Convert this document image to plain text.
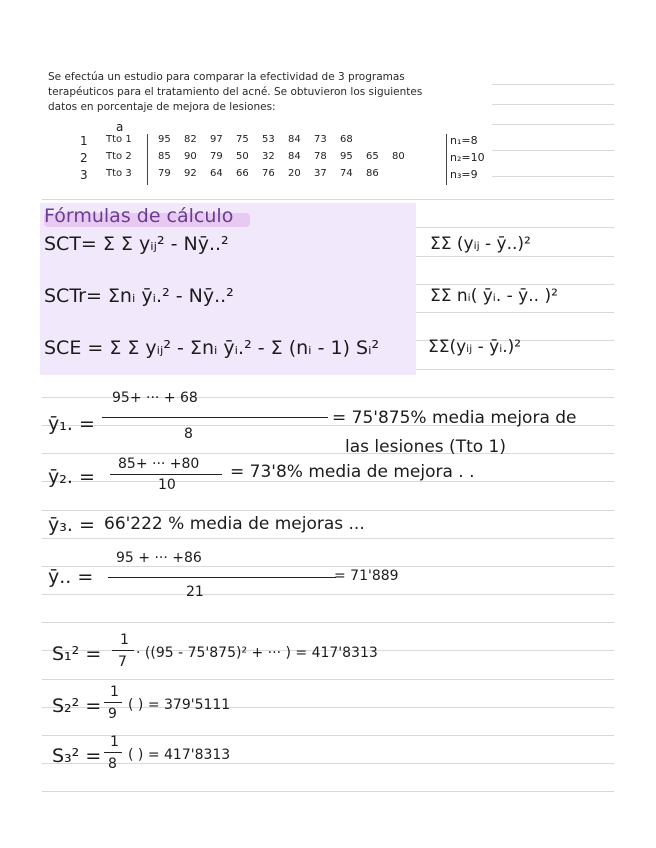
Se efectúa un estudio para comparar la efectividad de 3 programas
terapéuticos para el tratamiento del acné. Se obtuvieron los siguientes
datos en porcentaje de mejora de lesiones:
a
1 Tto 1	95 82 97 75 53 84 73 68	n₁=8
2 Tto 2	85 90 79 50 32 84 78 95 65 80	n₂=10
3 Tto 3	79 92 64 66 76 20 37 74 86	n₃=9
Fórmulas de cálculo
SCT= Σ Σ yᵢⱼ² - Nȳ..²	ΣΣ (yᵢⱼ - ȳ..)²
SCTr= Σnᵢ ȳᵢ.² - Nȳ..²	ΣΣ nᵢ( ȳᵢ. - ȳ.. )²
SCE = Σ Σ yᵢⱼ² - Σnᵢ ȳᵢ.² - Σ (nᵢ - 1) Sᵢ²	ΣΣ(yᵢⱼ - ȳᵢ.)²
ȳ₁. =
95+ ··· + 68
8
= 75'875% media mejora de
las lesiones (Tto 1)
ȳ₂. =
85+ ··· +80
10
= 73'8% media de mejora . .
ȳ₃. = 66'222 % media de mejoras ...
ȳ.. =
95 + ··· +86
21
= 71'889
S₁² =
1
7
· ((95 - 75'875)² + ··· ) = 417'8313
S₂² =
1
9
( ) = 379'5111
S₃² =
1
8
( ) = 417'8313
